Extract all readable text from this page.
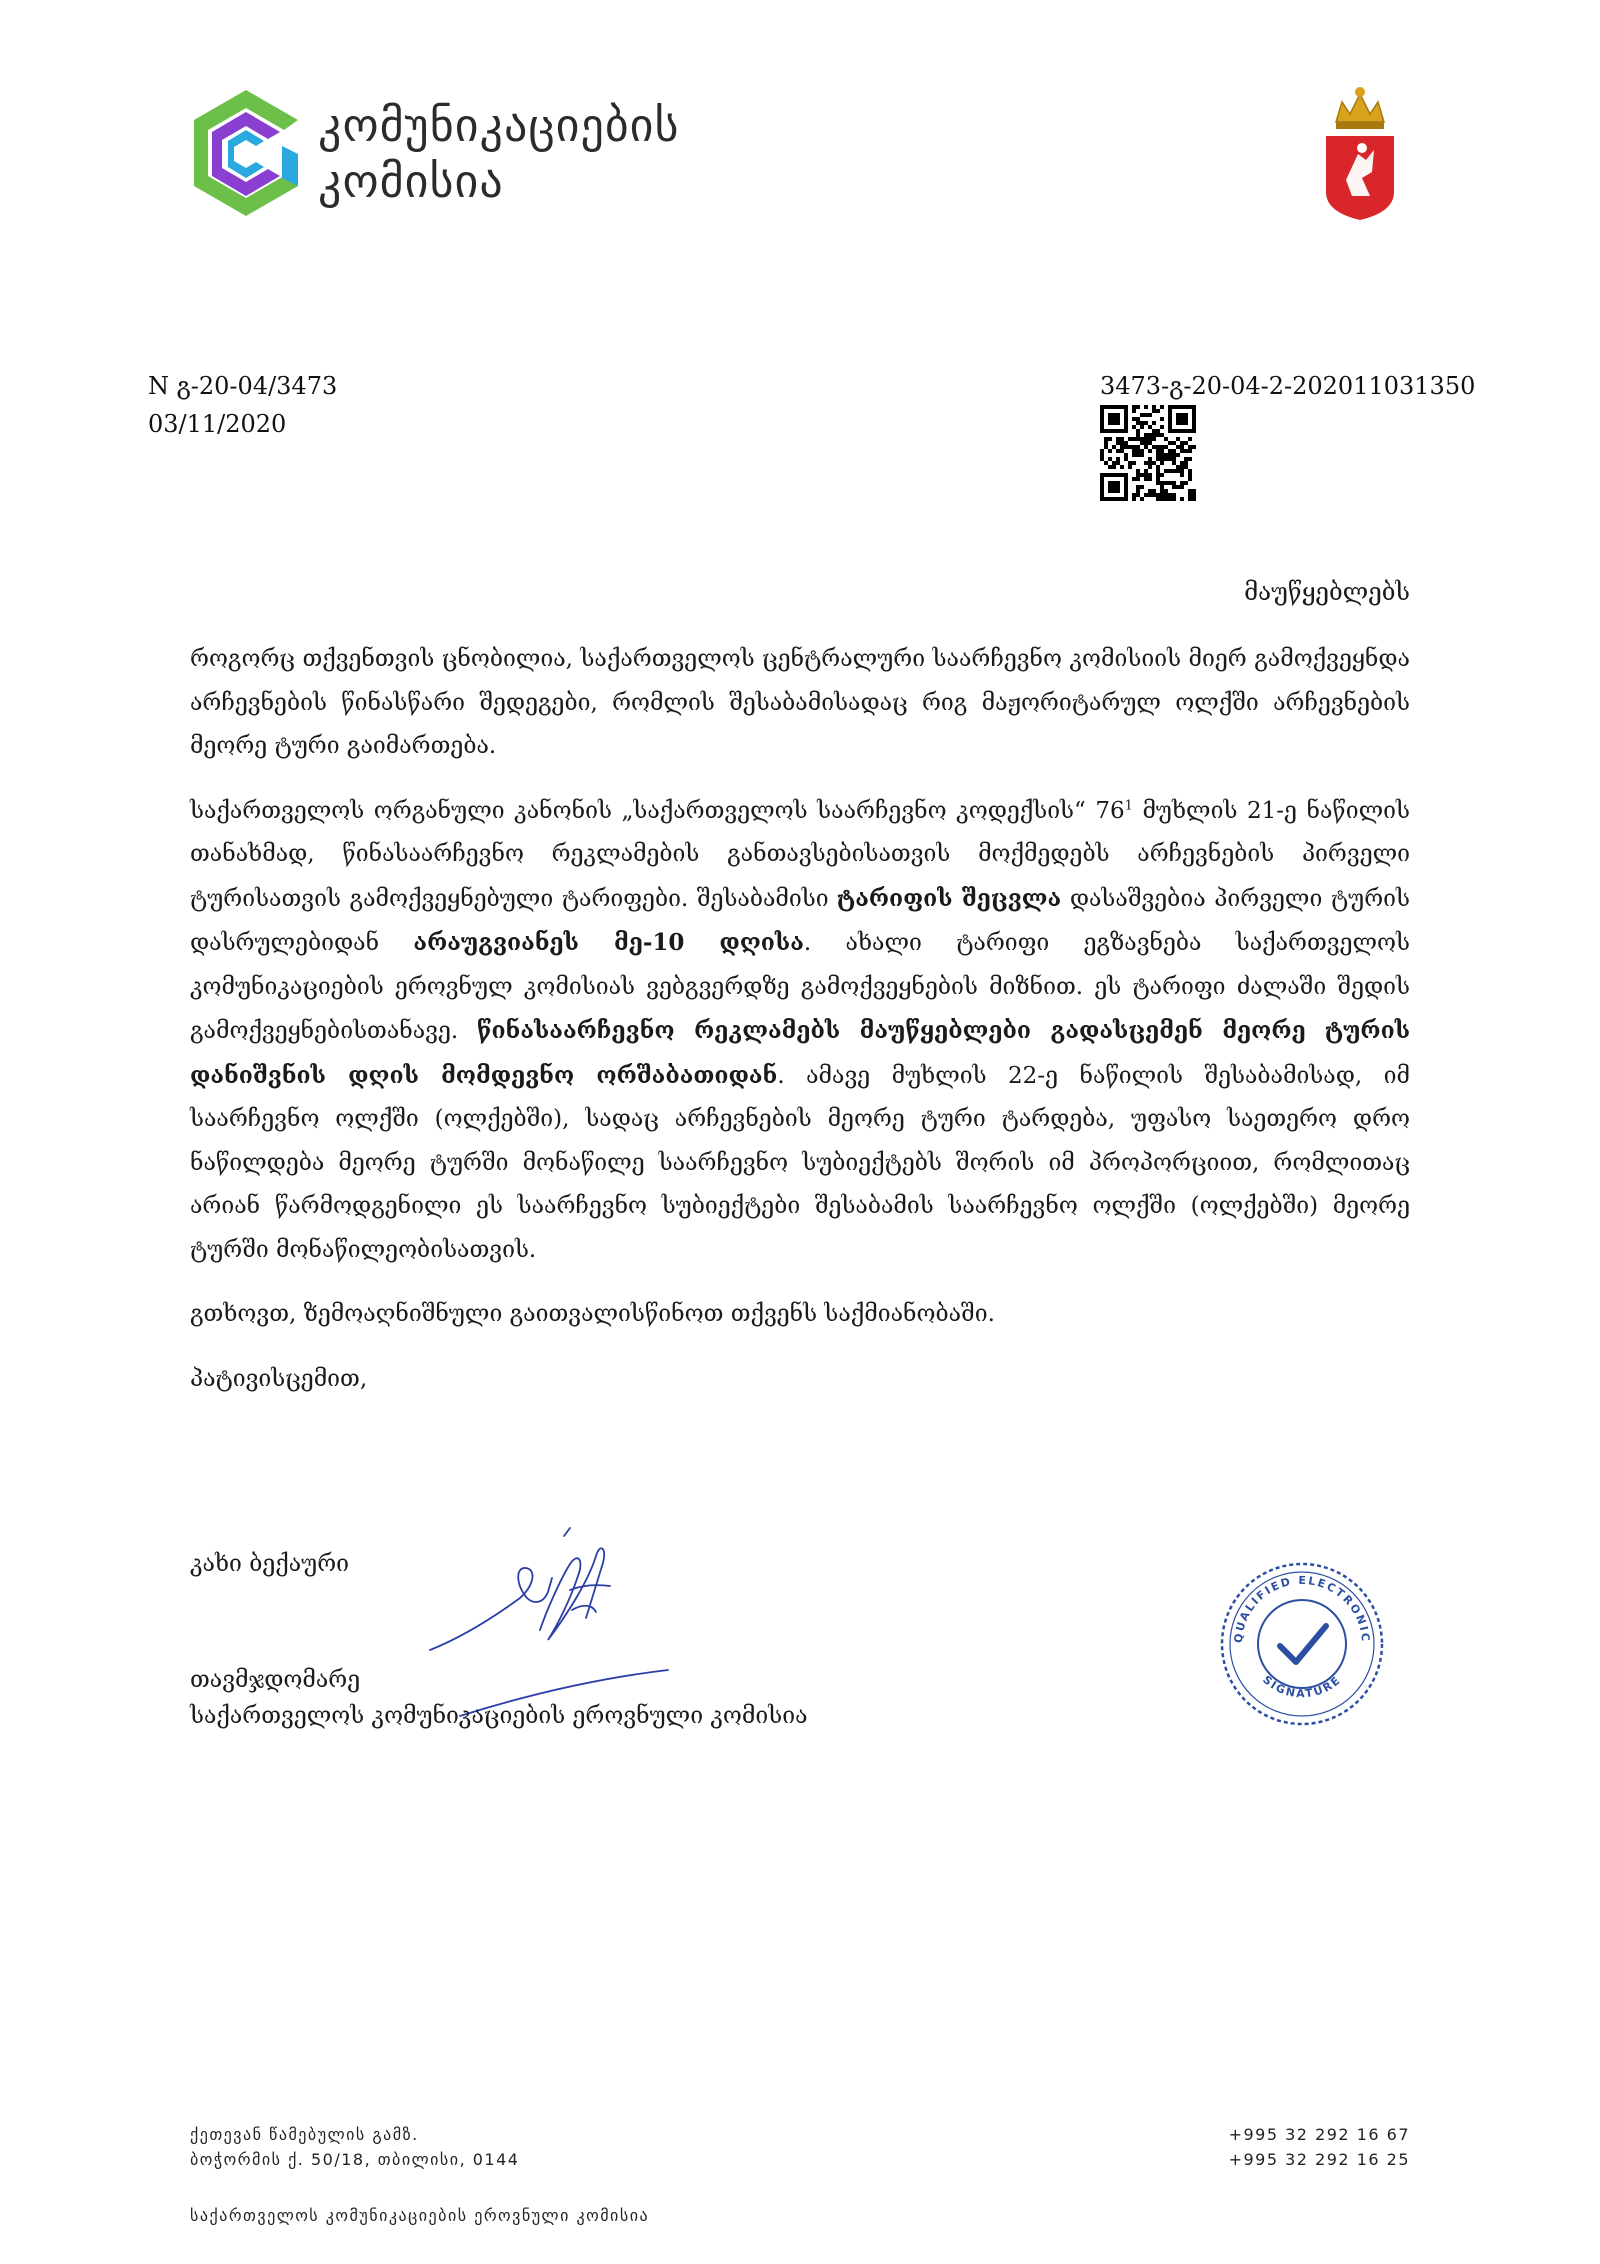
კომუნიკაციების
კომისია
N გ-20-04/3473
03/11/2020
3473-გ-20-04-2-202011031350
მაუწყებლებს

როგორც თქვენთვის ცნობილია, საქართველოს ცენტრალური საარჩევნო კომისიის მიერ გამოქვეყნდა არჩევნების წინასწარი შედეგები, რომლის შესაბამისადაც რიგ მაჟორიტარულ ოლქში არჩევნების მეორე ტური გაიმართება.

საქართველოს ორგანული კანონის „საქართველოს საარჩევნო კოდექსის“ $76^1$ მუხლის 21-ე ნაწილის თანახმად, წინასაარჩევნო რეკლამების განთავსებისათვის მოქმედებს არჩევნების პირველი ტურისათვის გამოქვეყნებული ტარიფები. შესაბამისი ტარიფის შეცვლა დასაშვებია პირველი ტურის დასრულებიდან არაუგვიანეს მე-10 დღისა. ახალი ტარიფი ეგზავნება საქართველოს კომუნიკაციების ეროვნულ კომისიას ვებგვერდზე გამოქვეყნების მიზნით. ეს ტარიფი ძალაში შედის გამოქვეყნებისთანავე. წინასაარჩევნო რეკლამებს მაუწყებლები გადასცემენ მეორე ტურის დანიშვნის დღის მომდევნო ორშაბათიდან. ამავე მუხლის 22-ე ნაწილის შესაბამისად, იმ საარჩევნო ოლქში (ოლქებში), სადაც არჩევნების მეორე ტური ტარდება, უფასო საეთერო დრო ნაწილდება მეორე ტურში მონაწილე საარჩევნო სუბიექტებს შორის იმ პროპორციით, რომლითაც არიან წარმოდგენილი ეს საარჩევნო სუბიექტები შესაბამის საარჩევნო ოლქში (ოლქებში) მეორე ტურში მონაწილეობისათვის.

გთხოვთ, ზემოაღნიშნული გაითვალისწინოთ თქვენს საქმიანობაში.

პატივისცემით,

კახი ბექაური
QUALIFIED ELECTRONIC
SIGNATURE
თავმჯდომარე
საქართველოს კომუნიკაციების ეროვნული კომისია
ქეთევან წამებულის გამზ.
ბოჭორმის ქ. 50/18, თბილისი, 0144
+995 32 292 16 67
+995 32 292 16 25
საქართველოს კომუნიკაციების ეროვნული კომისია
